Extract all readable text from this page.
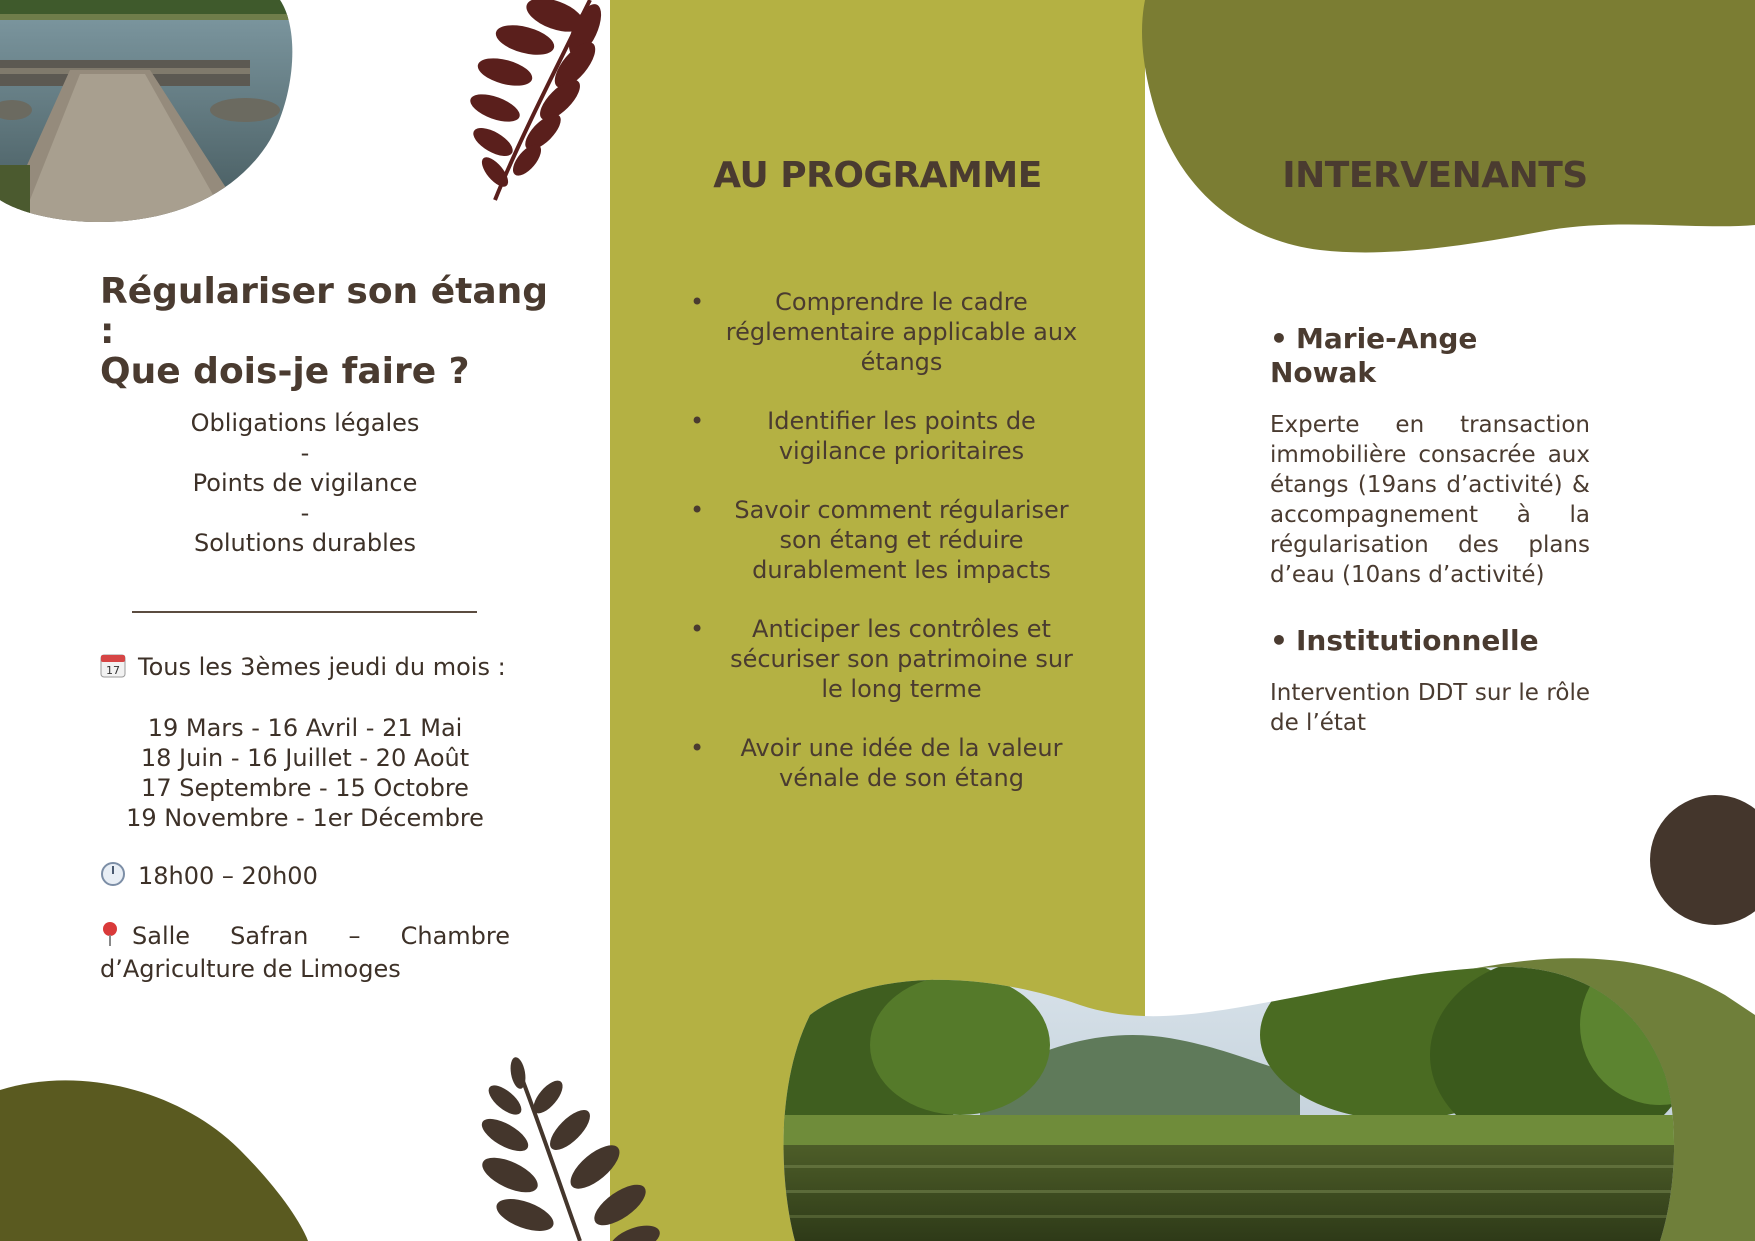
Régulariser son étang :
Que dois-je faire ?
Obligations légales
-
Points de vigilance
-
Solutions durables
17 Tous les 3èmes jeudi du mois :
19 Mars - 16 Avril - 21 Mai
18 Juin - 16 Juillet - 20 Août
17 Septembre - 15 Octobre
19 Novembre - 1er Décembre
18h00 – 20h00
Salle Safran – Chambre d’Agriculture de Limoges
AU PROGRAMME
• Comprendre le cadre réglementaire applicable aux étangs
• Identifier les points de vigilance prioritaires
• Savoir comment régulariser son étang et réduire durablement les impacts
• Anticiper les contrôles et sécuriser son patrimoine sur le long terme
• Avoir une idée de la valeur vénale de son étang
INTERVENANTS
• Marie-Ange Nowak
Experte en transaction immobilière consacrée aux étangs (19ans d’activité) & accompagnement à la régularisation des plans d’eau (10ans d’activité)
• Institutionnelle
Intervention DDT sur le rôle de l’état
